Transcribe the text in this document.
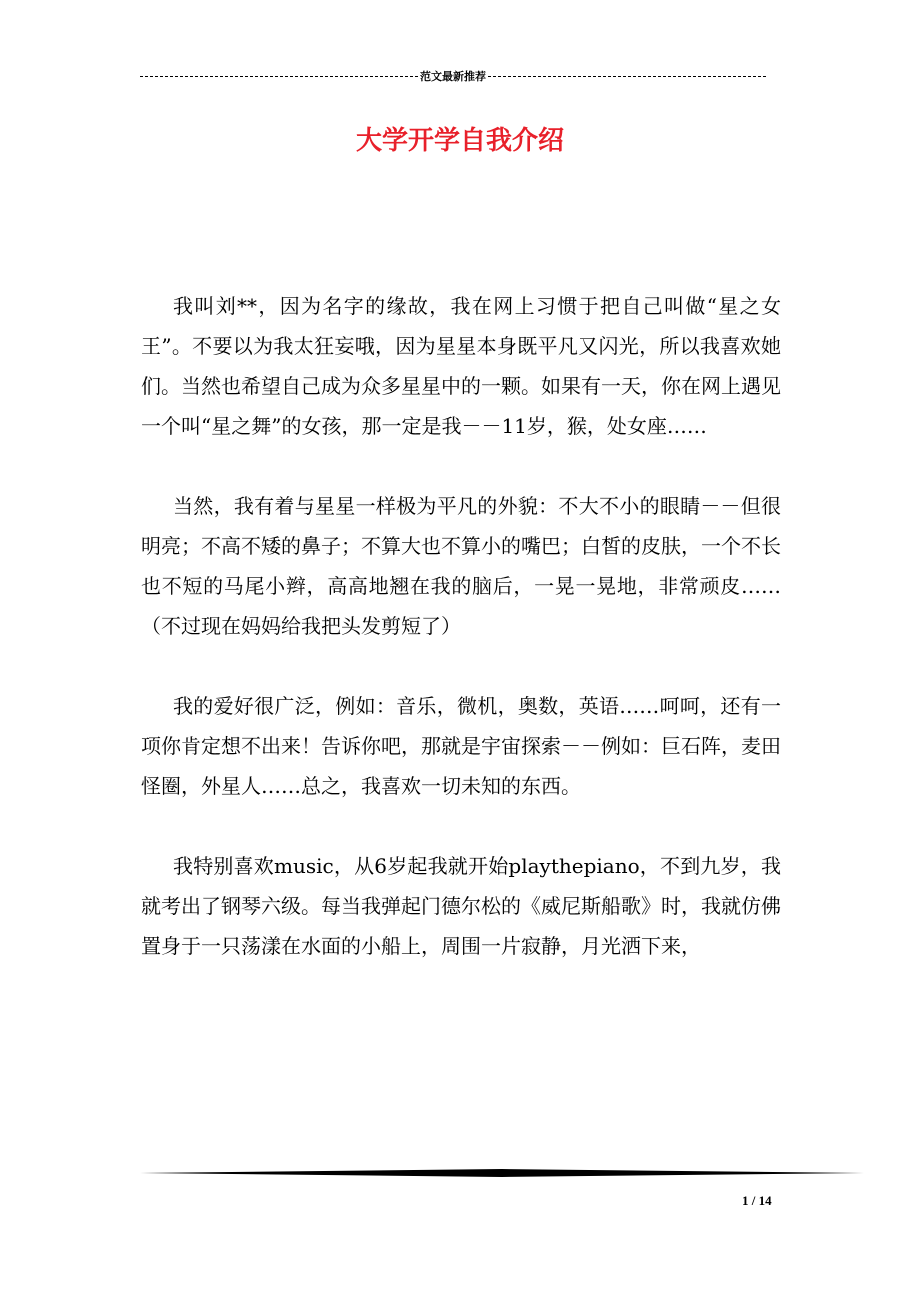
范文最新推荐
大学开学自我介绍

我叫刘**，因为名字的缘故，我在网上习惯于把自己叫做“星之女王”。不要以为我太狂妄哦，因为星星本身既平凡又闪光，所以我喜欢她们。当然也希望自己成为众多星星中的一颗。如果有一天，你在网上遇见一个叫“星之舞”的女孩，那一定是我－－11岁，猴，处女座……

当然，我有着与星星一样极为平凡的外貌：不大不小的眼睛－－但很明亮；不高不矮的鼻子；不算大也不算小的嘴巴；白皙的皮肤，一个不长也不短的马尾小辫，高高地翘在我的脑后，一晃一晃地，非常顽皮……（不过现在妈妈给我把头发剪短了）

我的爱好很广泛，例如：音乐，微机，奥数，英语……呵呵，还有一项你肯定想不出来！告诉你吧，那就是宇宙探索－－例如：巨石阵，麦田怪圈，外星人……总之，我喜欢一切未知的东西。

我特别喜欢music，从6岁起我就开始playthepiano，不到九岁，我就考出了钢琴六级。每当我弹起门德尔松的《威尼斯船歌》时，我就仿佛置身于一只荡漾在水面的小船上，周围一片寂静，月光洒下来，

1 / 14
